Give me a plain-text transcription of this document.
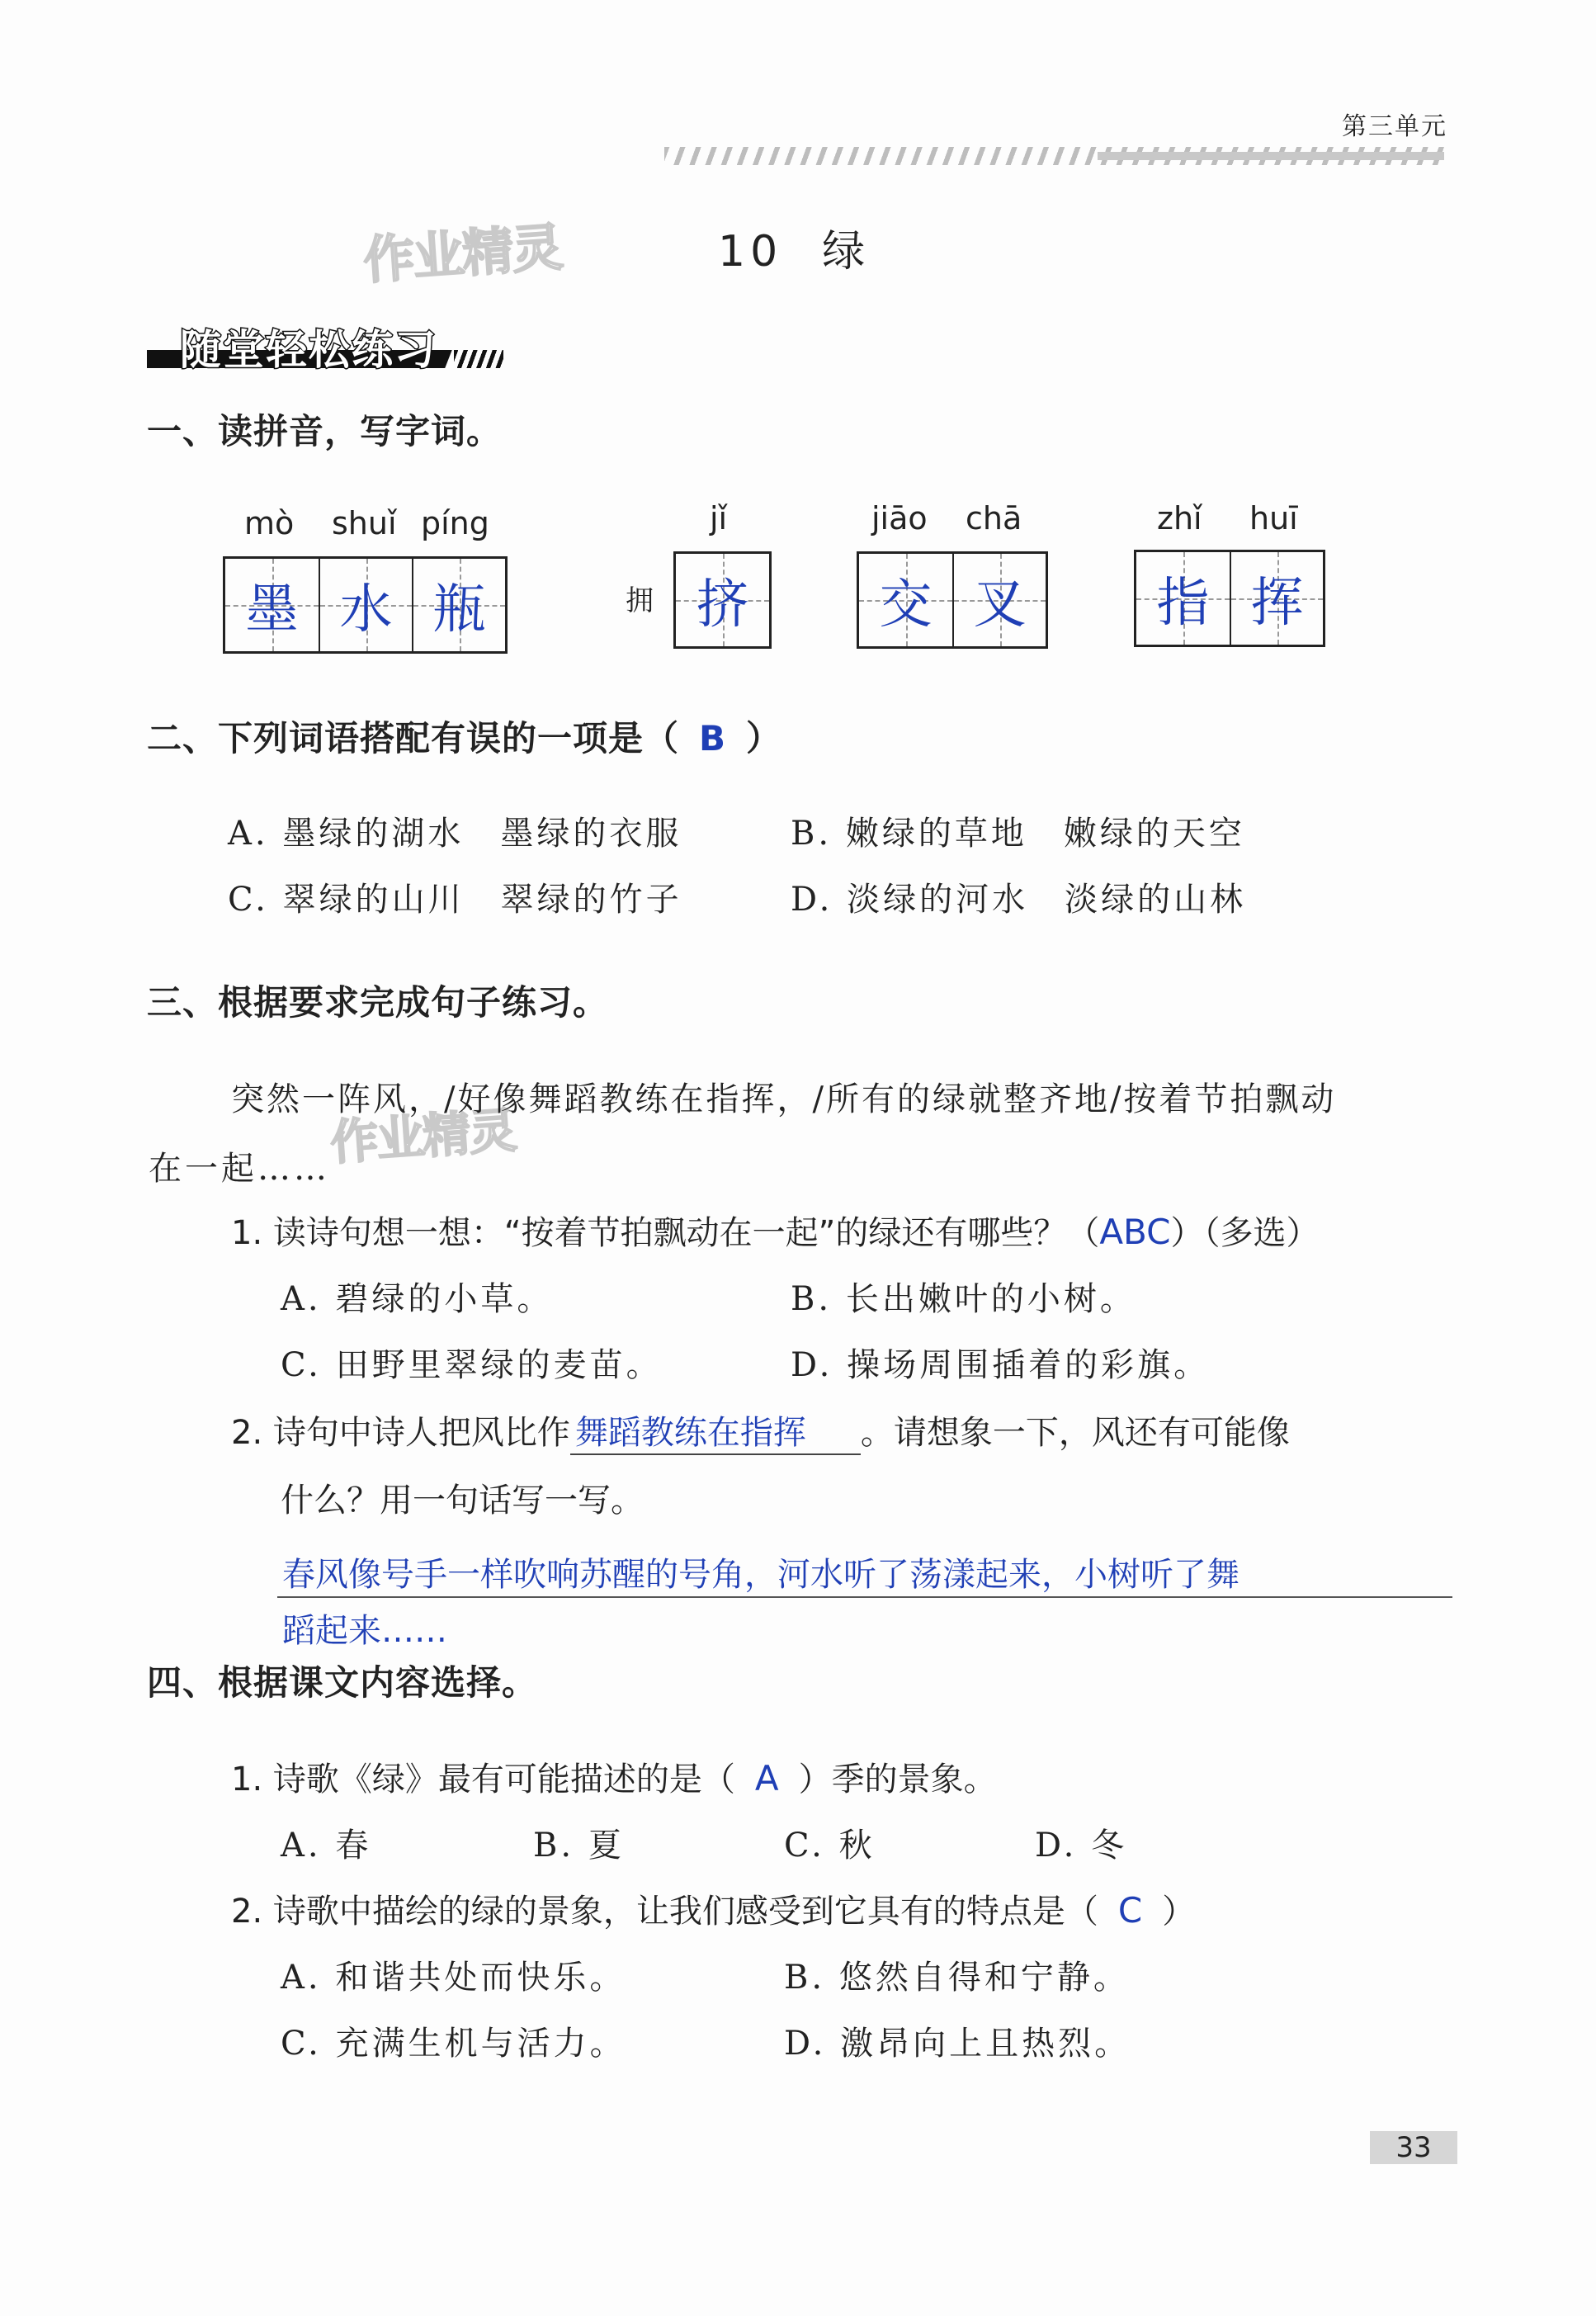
第三单元
作业精灵
作业精灵
10 绿
随堂轻松练习
一、读拼音，写字词。
mò shuǐ píng
墨 水 瓶	拥
jǐ
挤
jiāo chā
交 叉
zhǐ huī
指 挥
二、下列词语搭配有误的一项是（ B ）
A. 墨绿的湖水　墨绿的衣服	B. 嫩绿的草地　嫩绿的天空
C. 翠绿的山川　翠绿的竹子	D. 淡绿的河水　淡绿的山林
三、根据要求完成句子练习。
突然一阵风，/好像舞蹈教练在指挥，/所有的绿就整齐地/按着节拍飘动
在一起……
1. 读诗句想一想：“按着节拍飘动在一起”的绿还有哪些？（ABC）（多选）
A. 碧绿的小草。	B. 长出嫩叶的小树。
C. 田野里翠绿的麦苗。	D. 操场周围插着的彩旗。
2. 诗句中诗人把风比作 舞蹈教练在指挥 。请想象一下，风还有可能像
什么？用一句话写一写。
春风像号手一样吹响苏醒的号角，河水听了荡漾起来，小树听了舞
蹈起来……
四、根据课文内容选择。
1. 诗歌《绿》最有可能描述的是（ A ）季的景象。
A. 春	B. 夏	C. 秋	D. 冬
2. 诗歌中描绘的绿的景象，让我们感受到它具有的特点是（ C ）
A. 和谐共处而快乐。	B. 悠然自得和宁静。
C. 充满生机与活力。	D. 激昂向上且热烈。
33
